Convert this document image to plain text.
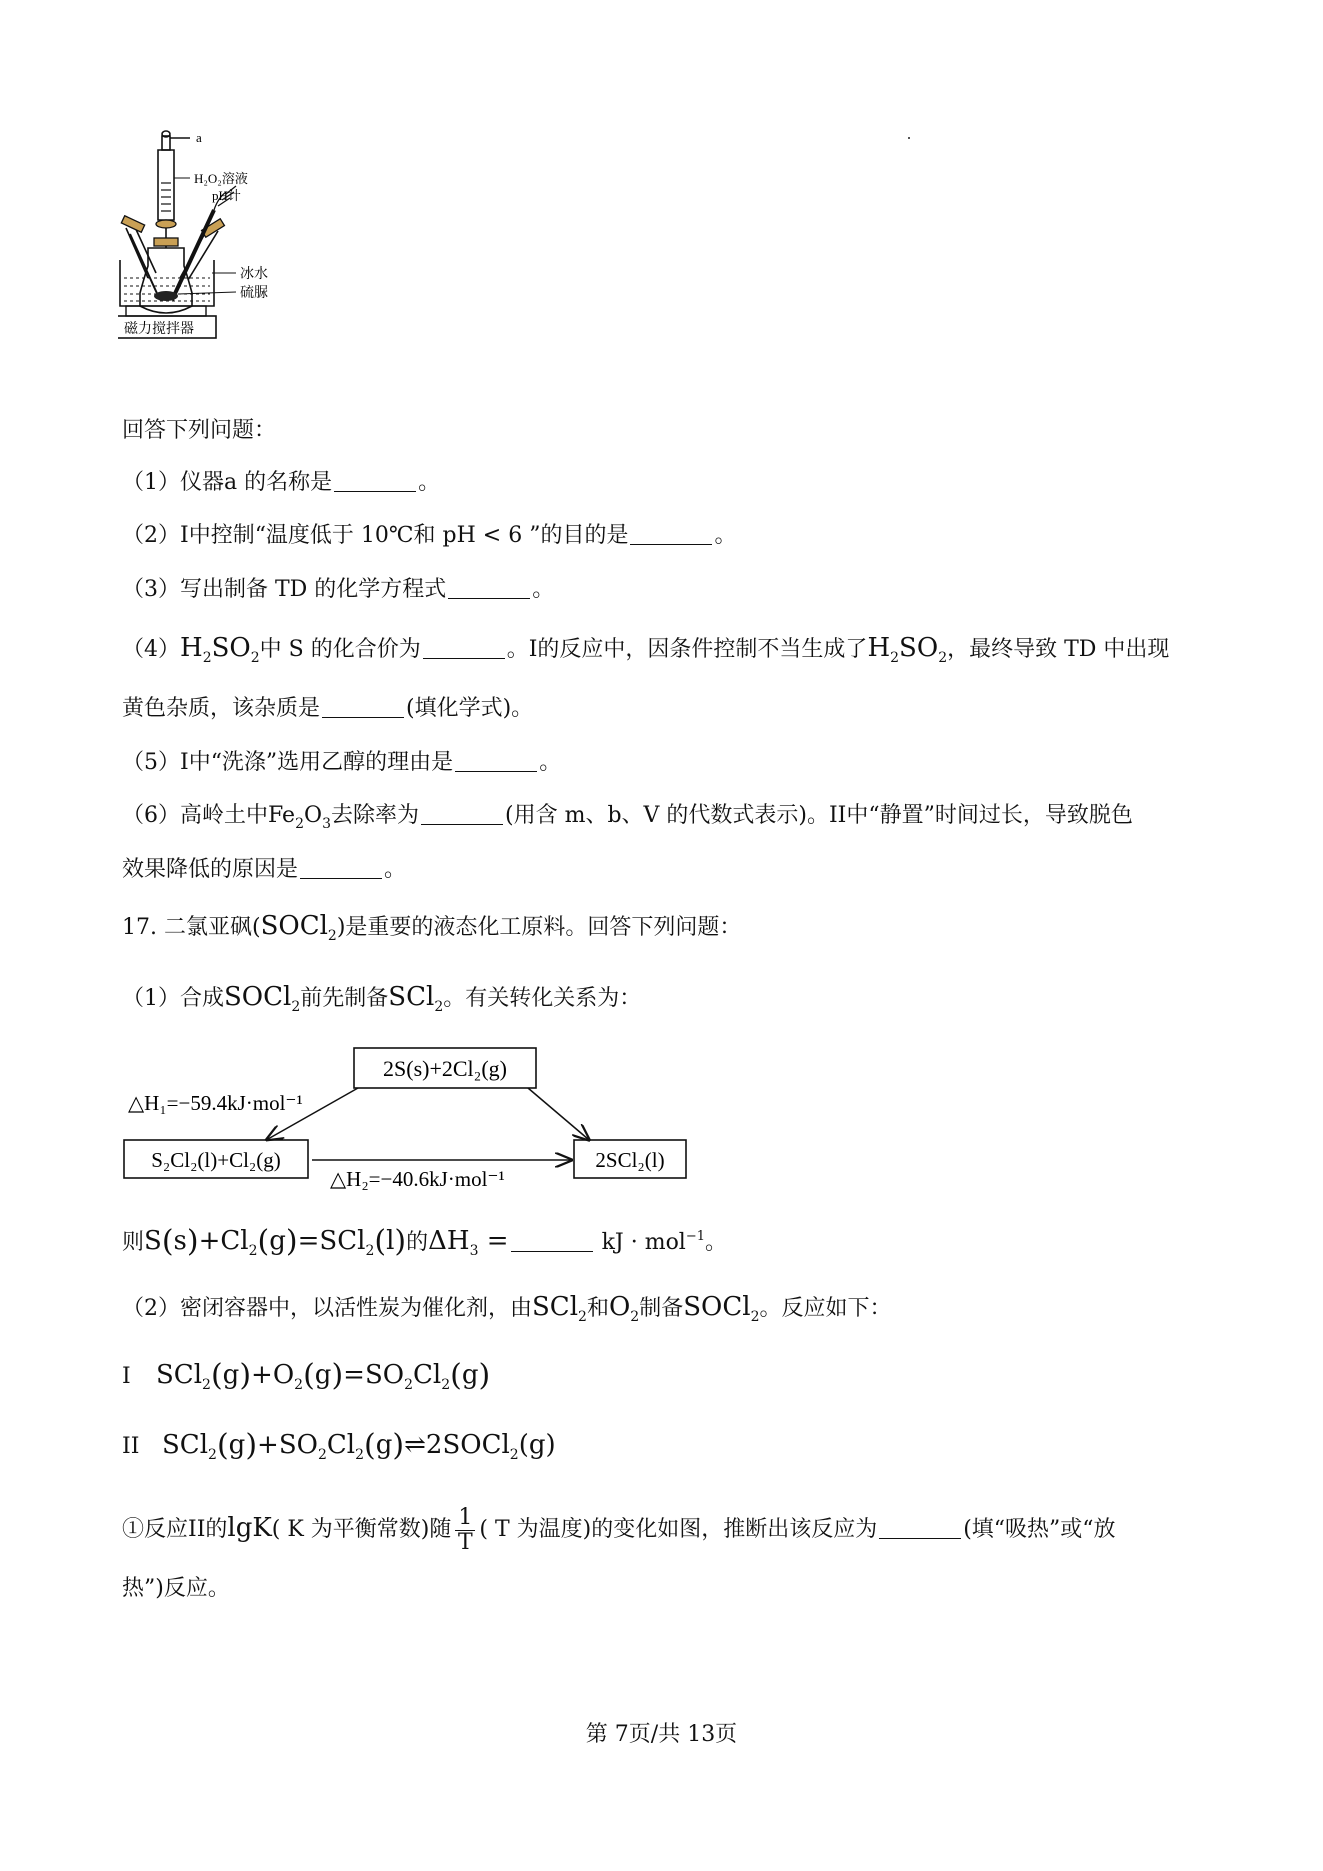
a
H₂O₂溶液
pH计
冰水
硫脲
磁力搅拌器
回答下列问题：
（1）仪器a 的名称是	。
（2）I中控制“温度低于 10℃和 pH < 6 ”的目的是	。
（3）写出制备 TD 的化学方程式	。
$(4)H_2SO_2$中 S 的化合价为	。I的反应中，因条件控制不当生成了$H_2SO_2$，最终导致 TD 中出现
黄色杂质，该杂质是	(填化学式)。
（5）I中“洗涤”选用乙醇的理由是	。
（6）高岭土中$Fe_2O_3$去除率为	(用含 m、b、V 的代数式表示)。II中“静置”时间过长，导致脱色
效果降低的原因是	。
17. 二氯亚砜(SOCl$_2$)是重要的液态化工原料。回答下列问题：
（1）合成SOCl$_2$前先制备SCl$_2$。有关转化关系为：
2S(s)+2Cl₂(g)
S₂Cl₂(l)+Cl₂(g)	2SCl₂(l)
△H₁=−59.4kJ·mol⁻¹
△H₂=−40.6kJ·mol⁻¹
则$S(s)+Cl_2(g)=SCl_2(l)$的$\Delta H_3$ =	kJ · mol$^{-1}$。
（2）密闭容器中，以活性炭为催化剂，由SCl$_2$和$O_2$制备SOCl$_2$。反应如下：
I $SCl_2(g)+O_2(g)=SO_2Cl_2(g)$
II $SCl_2(g)+SO_2Cl_2(g)\rightleftharpoons 2SOCl_2(g)$
①反应II的lgK( K 为平衡常数)随 $\frac{1}{T}$ ( T 为温度)的变化如图，推断出该反应为	(填“吸热”或“放
热”)反应。
第 7页/共 13页
